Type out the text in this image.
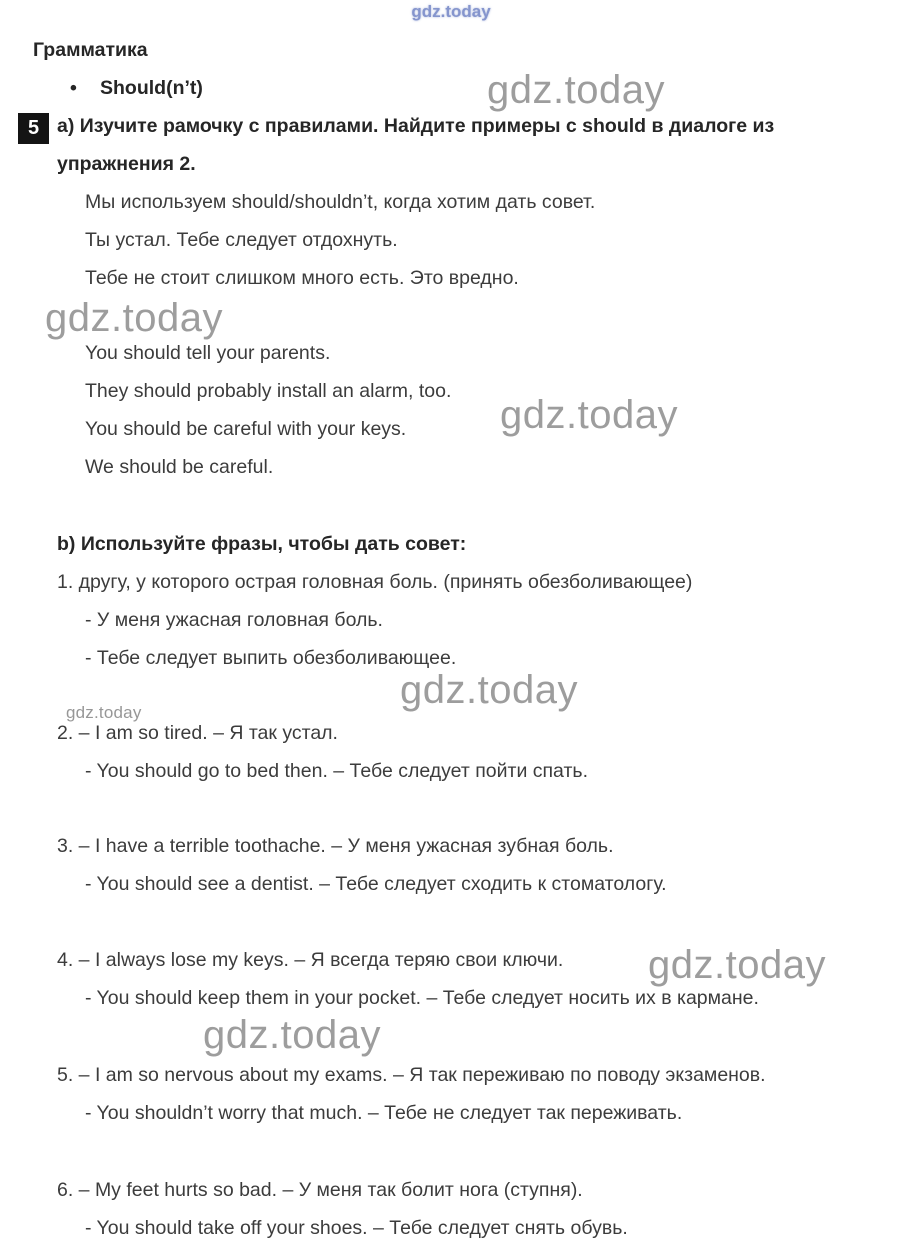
gdz.today
gdz.today
gdz.today
gdz.today
gdz.today
gdz.today
gdz.today
gdz.today
5
Грамматика
• Should(n’t)
а) Изучите рамочку с правилами. Найдите примеры с should в диалоге из упражнения 2.
Мы используем should/shouldn’t, когда хотим дать совет.
Ты устал. Тебе следует отдохнуть.
Тебе не стоит слишком много есть. Это вредно.
You should tell your parents.
They should probably install an alarm, too.
You should be careful with your keys.
We should be careful.
b) Используйте фразы, чтобы дать совет:
1. другу, у которого острая головная боль. (принять обезболивающее)
- У меня ужасная головная боль.
- Тебе следует выпить обезболивающее.
2. – I am so tired. – Я так устал.
- You should go to bed then. – Тебе следует пойти спать.
3. – I have a terrible toothache. – У меня ужасная зубная боль.
- You should see a dentist. – Тебе следует сходить к стоматологу.
4. – I always lose my keys. – Я всегда теряю свои ключи.
- You should keep them in your pocket. – Тебе следует носить их в кармане.
5. – I am so nervous about my exams. – Я так переживаю по поводу экзаменов.
- You shouldn’t worry that much. – Тебе не следует так переживать.
6. – My feet hurts so bad. – У меня так болит нога (ступня).
- You should take off your shoes. – Тебе следует снять обувь.
